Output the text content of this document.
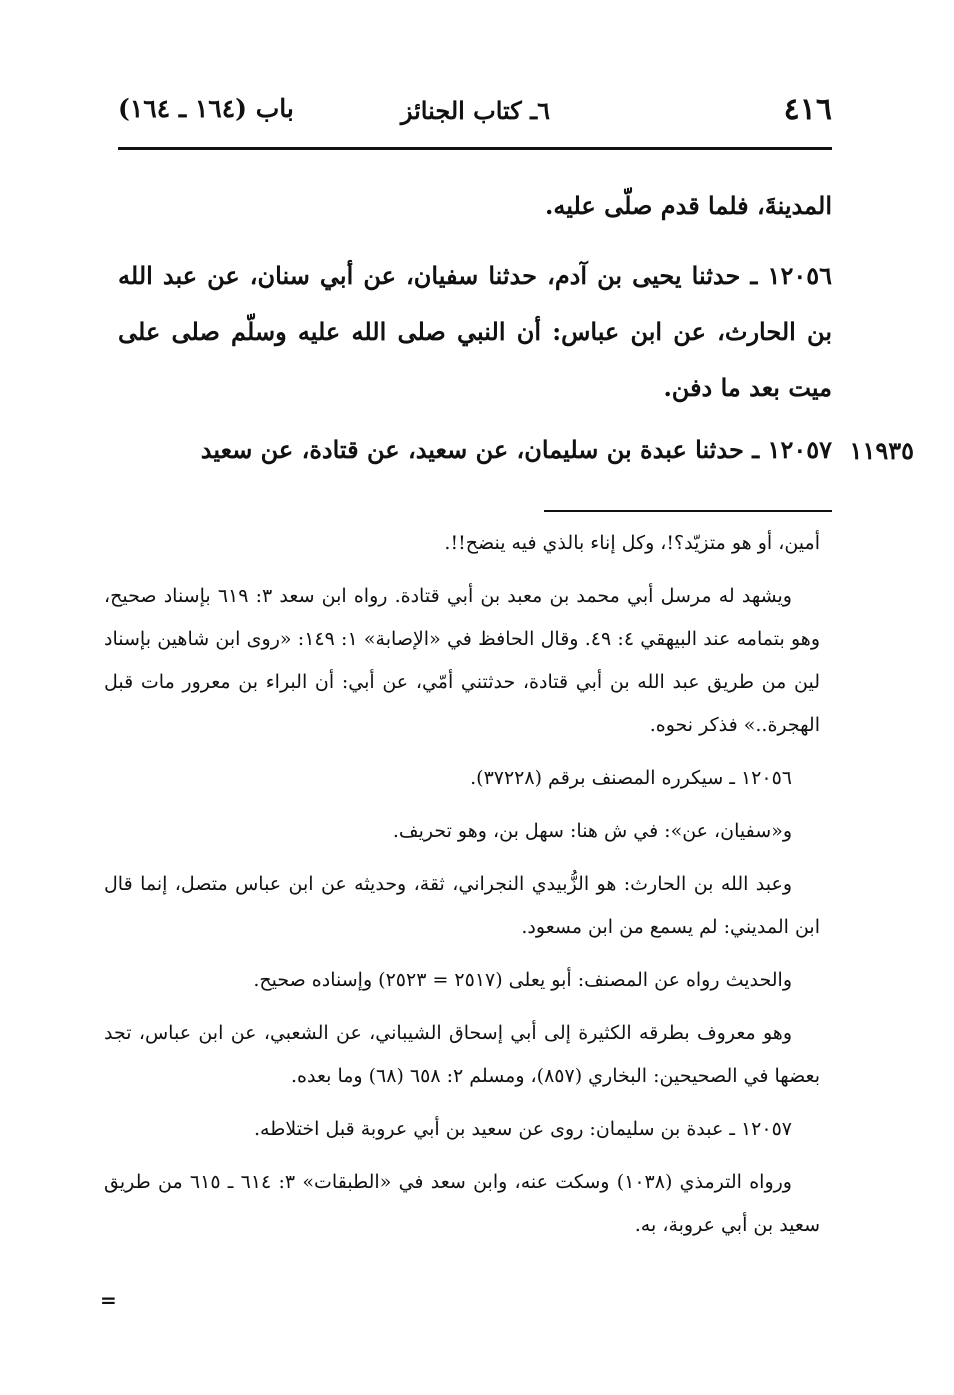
٤١٦
٦ـ كتاب الجنائز
باب (١٦٤ ـ ١٦٤)
المدينةَ، فلما قدم صلّى عليه.
١٢٠٥٦ ـ حدثنا يحيى بن آدم، حدثنا سفيان، عن أبي سنان، عن عبد الله بن الحارث، عن ابن عباس: أن النبي صلى الله عليه وسلّم صلى على ميت بعد ما دفن.
١٢٠٥٧ ـ حدثنا عبدة بن سليمان، عن سعيد، عن قتادة، عن سعيد ١١٩٣٥

أمين، أو هو متزيّد؟!، وكل إناء بالذي فيه ينضح!!.

ويشهد له مرسل أبي محمد بن معبد بن أبي قتادة. رواه ابن سعد ٣: ٦١٩ بإسناد صحيح، وهو بتمامه عند البيهقي ٤: ٤٩. وقال الحافظ في «الإصابة» ١: ١٤٩: «روى ابن شاهين بإسناد لين من طريق عبد الله بن أبي قتادة، حدثتني أمّي، عن أبي: أن البراء بن معرور مات قبل الهجرة..» فذكر نحوه.

١٢٠٥٦ ـ سيكرره المصنف برقم (٣٧٢٢٨).

و«سفيان، عن»: في ش هنا: سهل بن، وهو تحريف.

وعبد الله بن الحارث: هو الزُّبيدي النجراني، ثقة، وحديثه عن ابن عباس متصل، إنما قال ابن المديني: لم يسمع من ابن مسعود.

والحديث رواه عن المصنف: أبو يعلى (٢٥١٧ = ٢٥٢٣) وإسناده صحيح.

وهو معروف بطرقه الكثيرة إلى أبي إسحاق الشيباني، عن الشعبي، عن ابن عباس، تجد بعضها في الصحيحين: البخاري (٨٥٧)، ومسلم ٢: ٦٥٨ (٦٨) وما بعده.

١٢٠٥٧ ـ عبدة بن سليمان: روى عن سعيد بن أبي عروبة قبل اختلاطه.

ورواه الترمذي (١٠٣٨) وسكت عنه، وابن سعد في «الطبقات» ٣: ٦١٤ ـ ٦١٥ من طريق سعيد بن أبي عروبة، به.

=
